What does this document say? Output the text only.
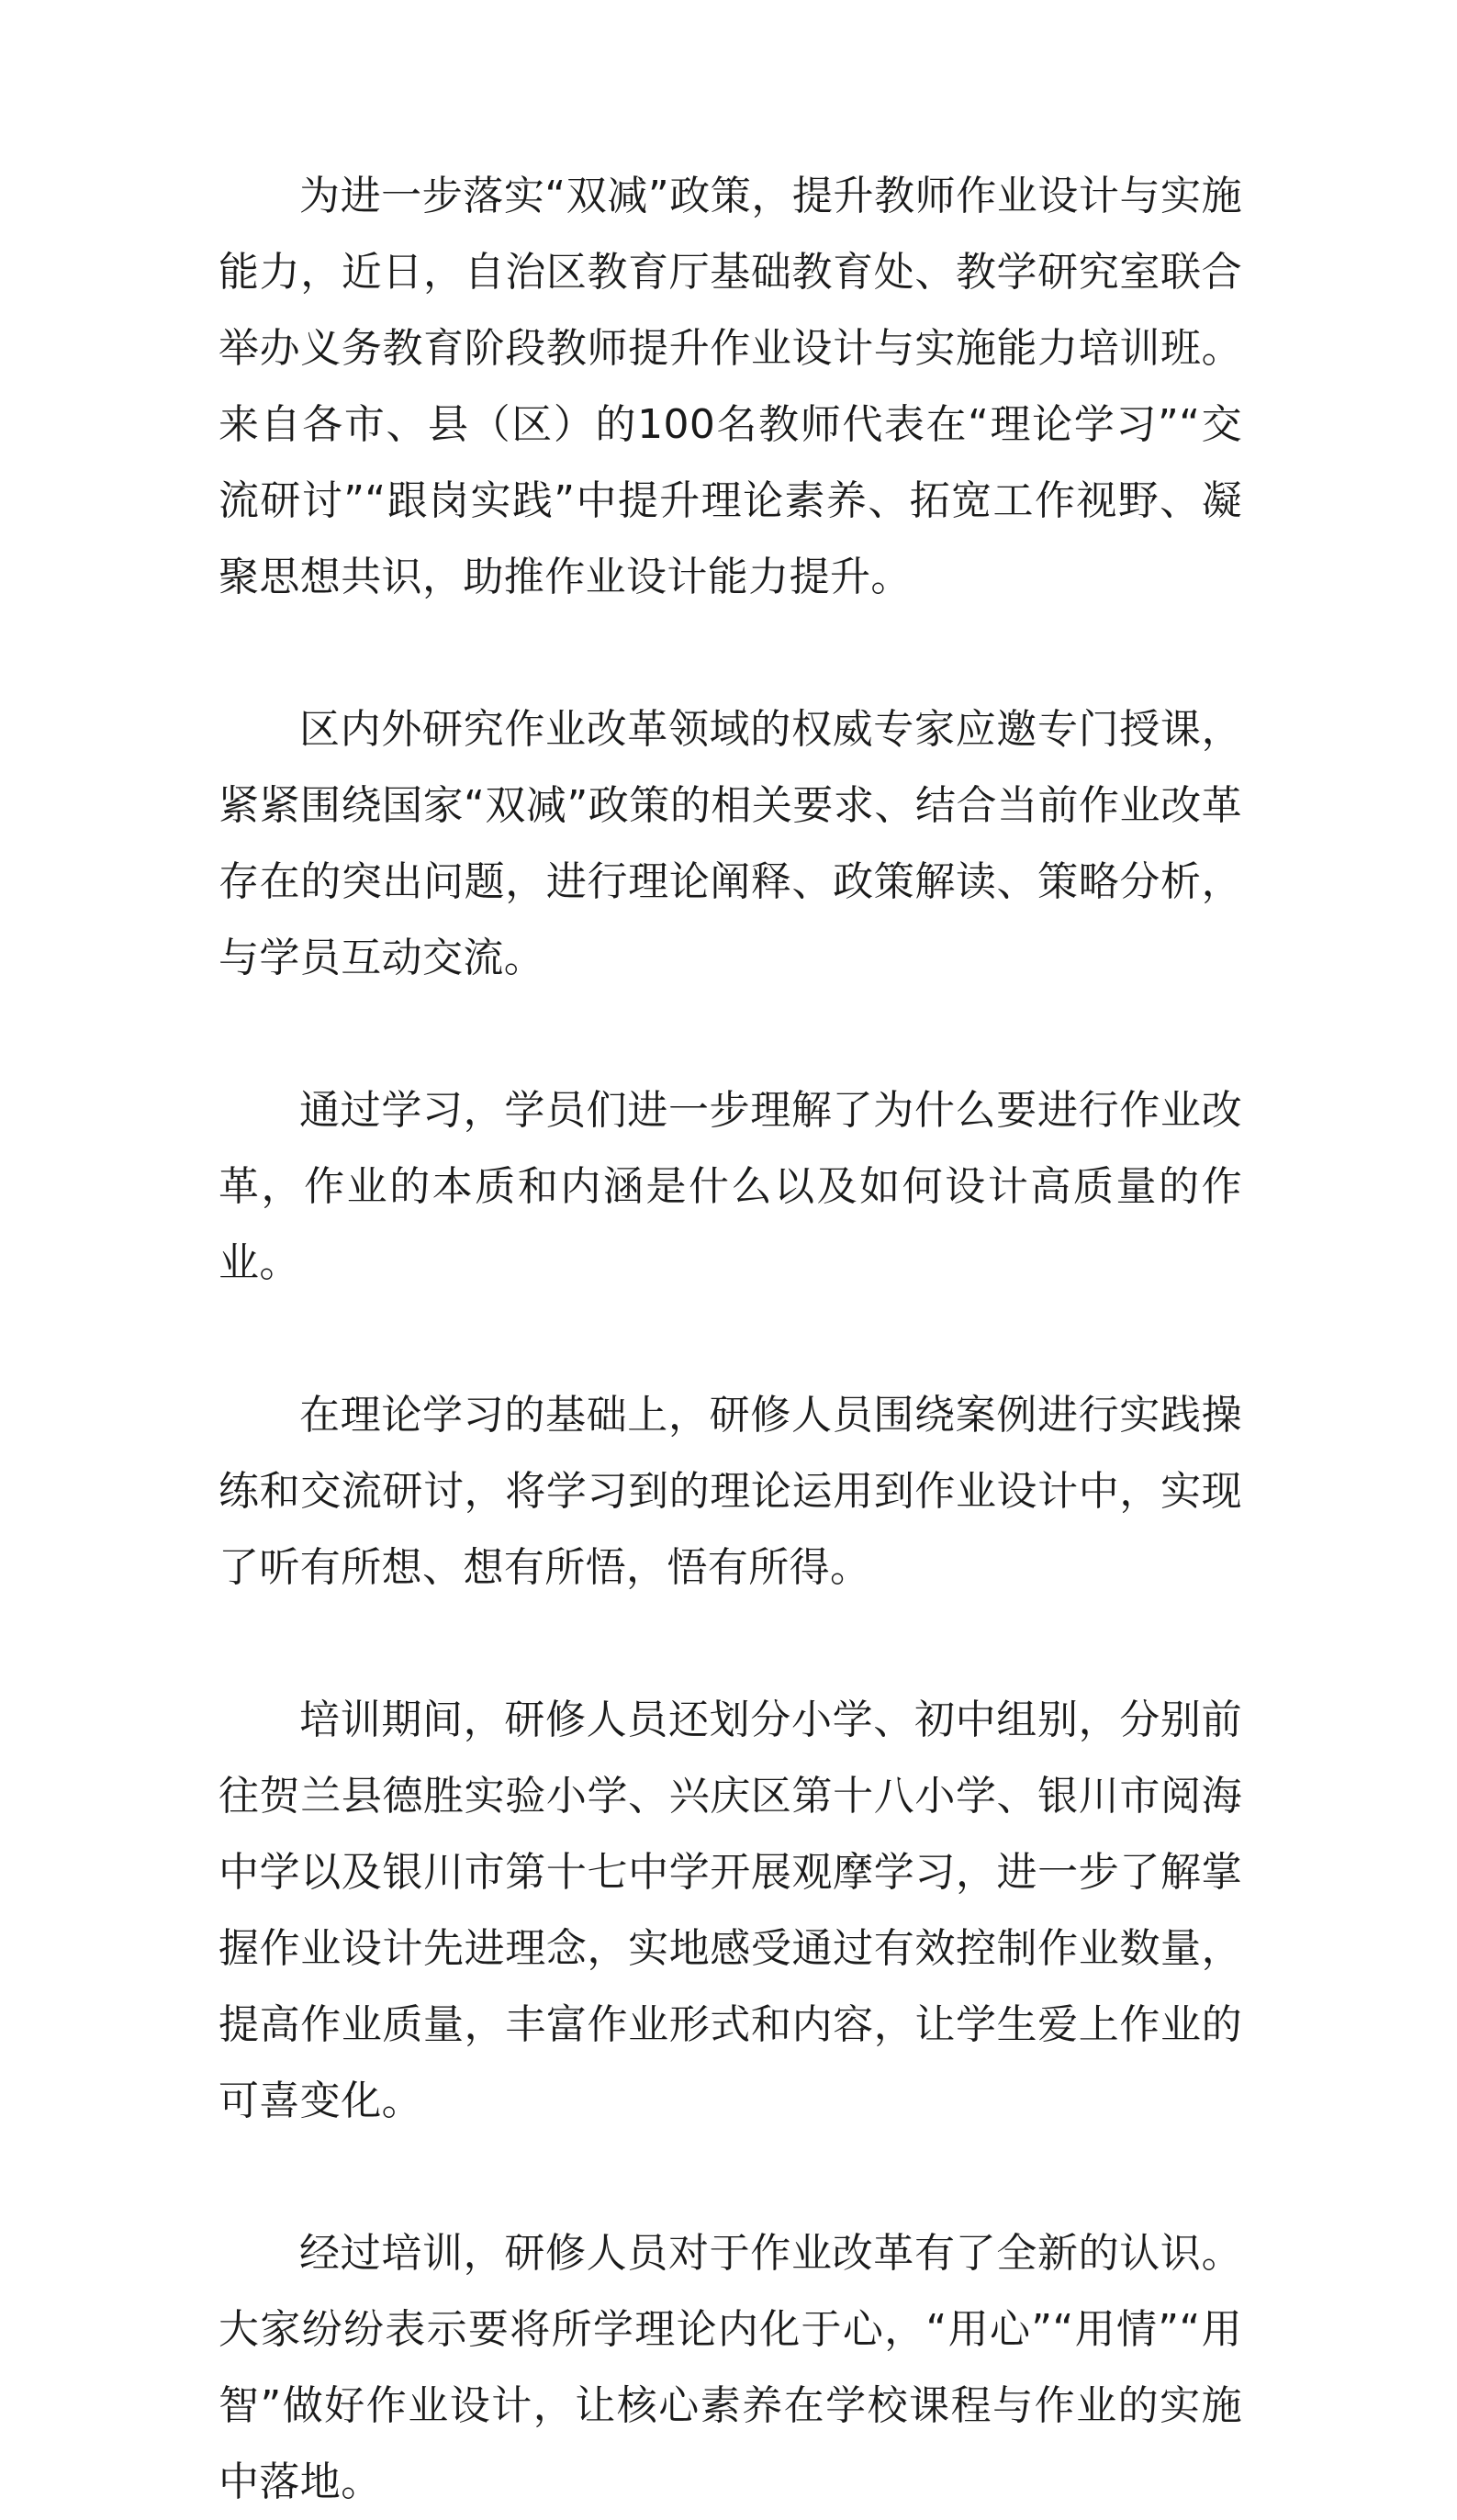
为进一步落实“双减”政策，提升教师作业设计与实施能力，近日，自治区教育厅基础教育处、教学研究室联合举办义务教育阶段教师提升作业设计与实施能力培训班。来自各市、县（区）的100名教师代表在“理论学习”“交流研讨”“跟岗实践”中提升理论素养、拓宽工作视野、凝聚思想共识，助推作业设计能力提升。

区内外研究作业改革领域的权威专家应邀专门授课，紧紧围绕国家“双减”政策的相关要求、结合当前作业改革存在的突出问题，进行理论阐释、政策解读、策略分析，与学员互动交流。

通过学习，学员们进一步理解了为什么要进行作业改革，作业的本质和内涵是什么以及如何设计高质量的作业。

在理论学习的基础上，研修人员围绕案例进行实践操练和交流研讨，将学习到的理论运用到作业设计中，实现了听有所想、想有所悟，悟有所得。

培训期间，研修人员还划分小学、初中组别，分别前往贺兰县德胜实验小学、兴庆区第十八小学、银川市阅海中学以及银川市第十七中学开展观摩学习，进一步了解掌握作业设计先进理念，实地感受通过有效控制作业数量，提高作业质量，丰富作业形式和内容，让学生爱上作业的可喜变化。

经过培训，研修人员对于作业改革有了全新的认识。大家纷纷表示要将所学理论内化于心，“用心”“用情”“用智”做好作业设计，让核心素养在学校课程与作业的实施中落地。
